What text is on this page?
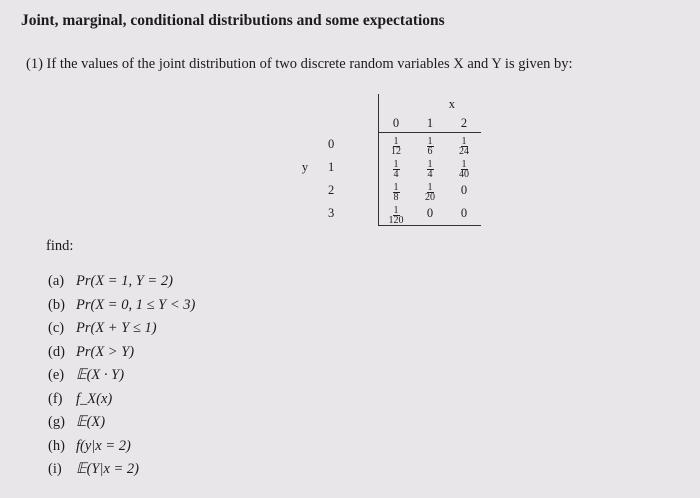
Joint, marginal, conditional distributions and some expectations
(1) If the values of the joint distribution of two discrete random variables X and Y is given by:
		x		
		0	1	2
	0	$\frac{1}{12}$	$\frac{1}{6}$	$\frac{1}{24}$

y	1	$\frac{1}{4}$	$\frac{1}{4}$	$\frac{1}{40}$

	2	$\frac{1}{8}$	$\frac{1}{20}$	0
	3	$\frac{1}{120}$	0	0
find:
(a) Pr(X = 1, Y = 2)
(b) Pr(X = 0, 1 ≤ Y < 3)
(c) Pr(X + Y ≤ 1)
(d) Pr(X > Y)
(e) 𝔼(X · Y)
(f) f_X(x)
(g) 𝔼(X)
(h) f(y|x = 2)
(i) 𝔼(Y|x = 2)
